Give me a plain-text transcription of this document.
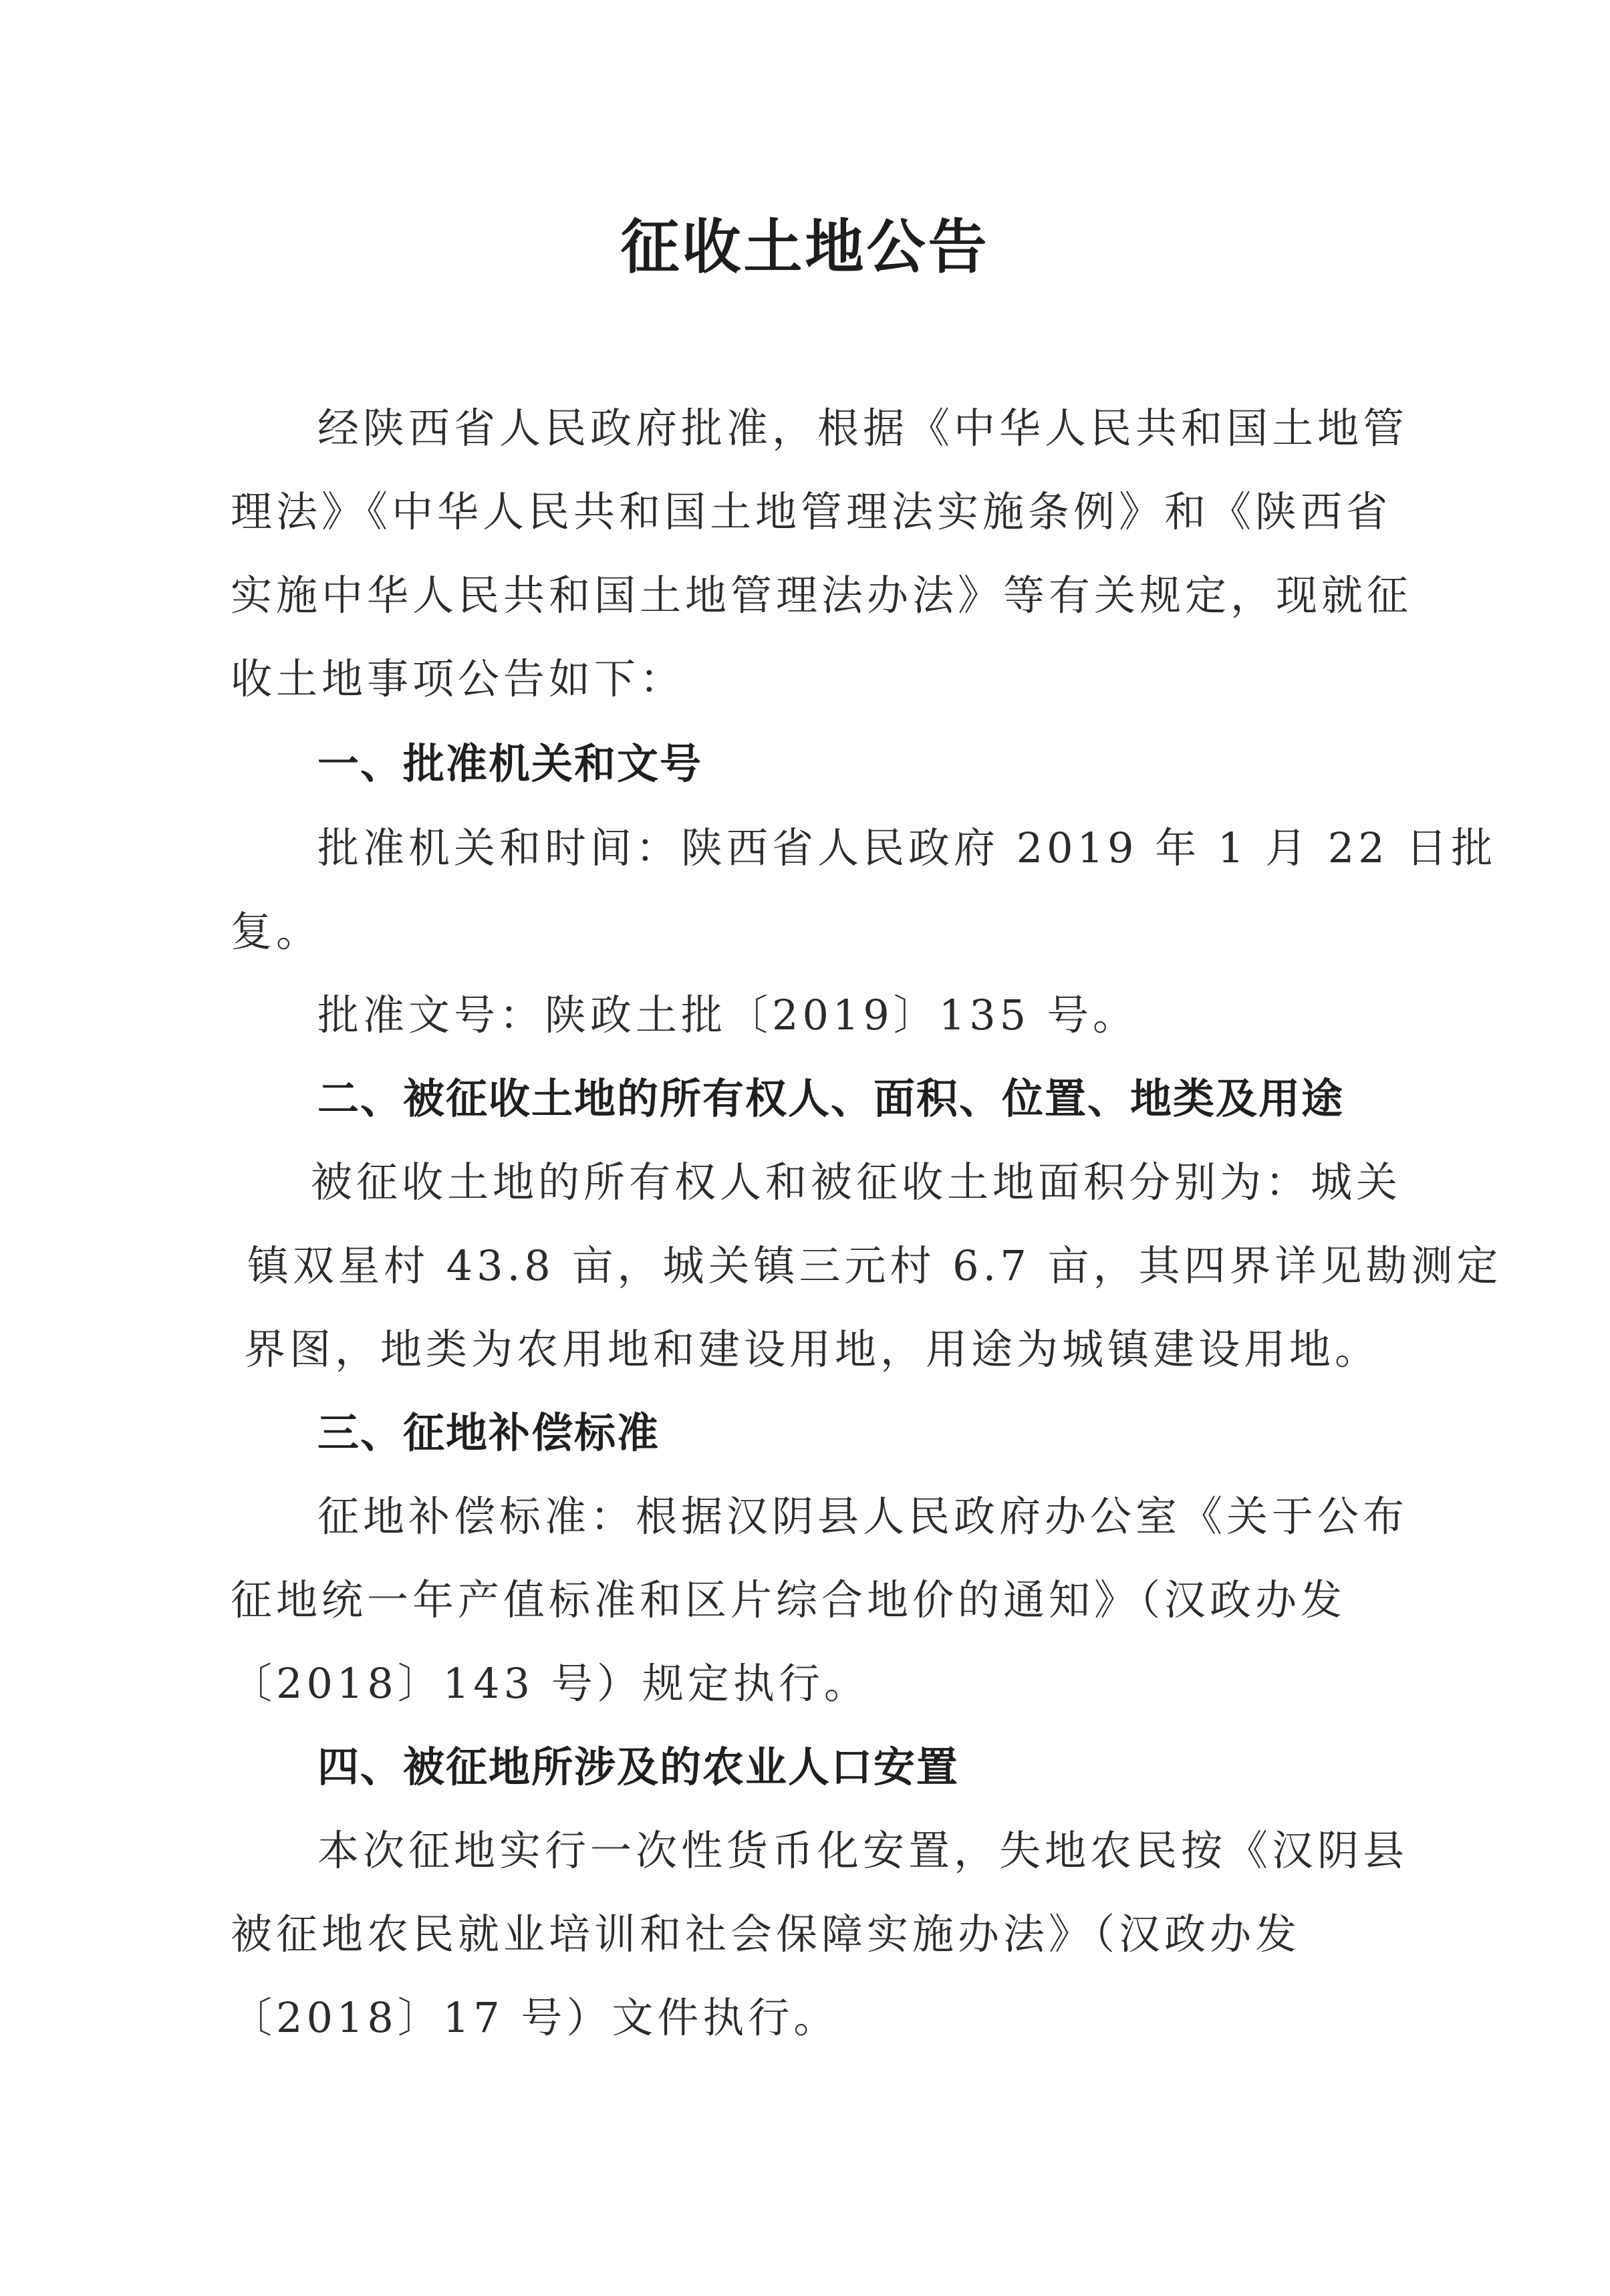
征收土地公告
经陕西省人民政府批准，根据《中华人民共和国土地管
理法》《中华人民共和国土地管理法实施条例》和《陕西省
实施中华人民共和国土地管理法办法》等有关规定，现就征
收土地事项公告如下：
一、批准机关和文号
批准机关和时间：陕西省人民政府 2019 年 1 月 22 日批
复。
批准文号：陕政土批〔2019〕135 号。
二、被征收土地的所有权人、面积、位置、地类及用途
被征收土地的所有权人和被征收土地面积分别为：城关
镇双星村 43.8 亩，城关镇三元村 6.7 亩，其四界详见勘测定
界图，地类为农用地和建设用地，用途为城镇建设用地。
三、征地补偿标准
征地补偿标准：根据汉阴县人民政府办公室《关于公布
征地统一年产值标准和区片综合地价的通知》（汉政办发
〔2018〕143 号）规定执行。
四、被征地所涉及的农业人口安置
本次征地实行一次性货币化安置，失地农民按《汉阴县
被征地农民就业培训和社会保障实施办法》（汉政办发
〔2018〕17 号）文件执行。
